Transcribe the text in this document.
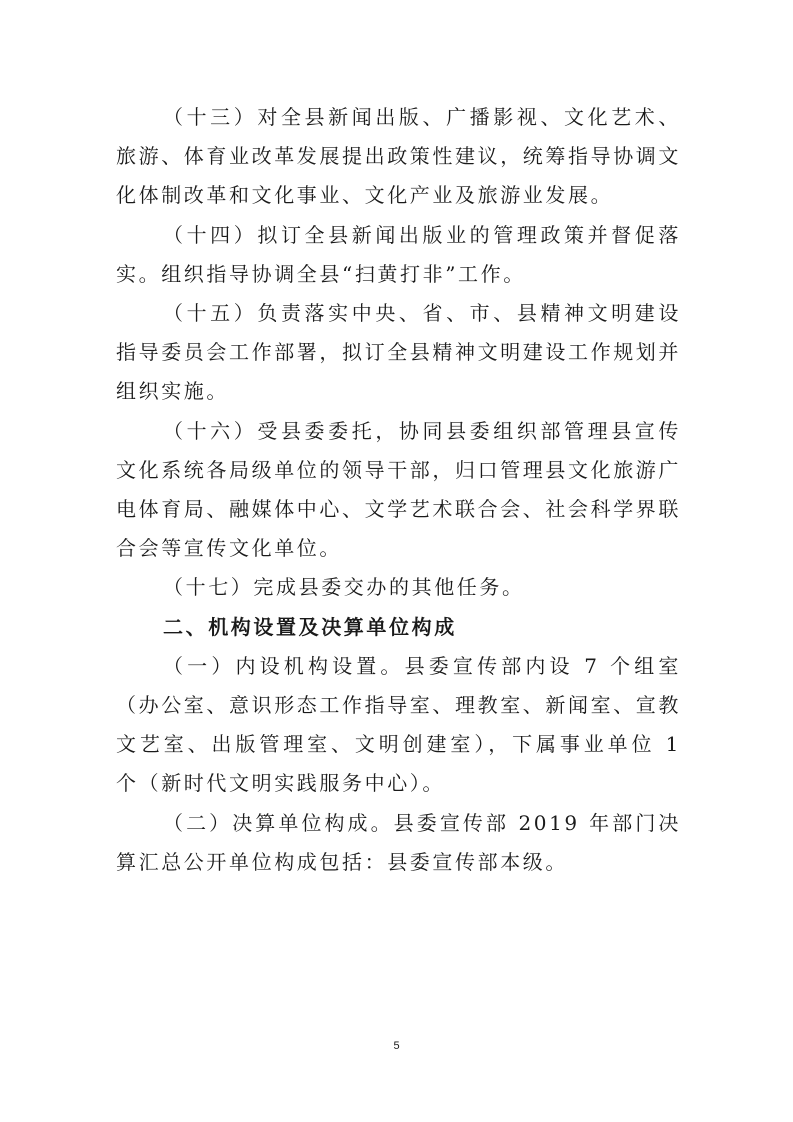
（十三）对全县新闻出版、广播影视、文化艺术、旅游、体育业改革发展提出政策性建议，统筹指导协调文化体制改革和文化事业、文化产业及旅游业发展。

（十四）拟订全县新闻出版业的管理政策并督促落实。组织指导协调全县“扫黄打非”工作。

（十五）负责落实中央、省、市、县精神文明建设指导委员会工作部署，拟订全县精神文明建设工作规划并组织实施。

（十六）受县委委托，协同县委组织部管理县宣传文化系统各局级单位的领导干部，归口管理县文化旅游广电体育局、融媒体中心、文学艺术联合会、社会科学界联合会等宣传文化单位。

（十七）完成县委交办的其他任务。

二、机构设置及决算单位构成

（一）内设机构设置。县委宣传部内设 7 个组室（办公室、意识形态工作指导室、理教室、新闻室、宣教文艺室、出版管理室、文明创建室），下属事业单位 1 个（新时代文明实践服务中心）。

（二）决算单位构成。县委宣传部 2019 年部门决算汇总公开单位构成包括：县委宣传部本级。

5
